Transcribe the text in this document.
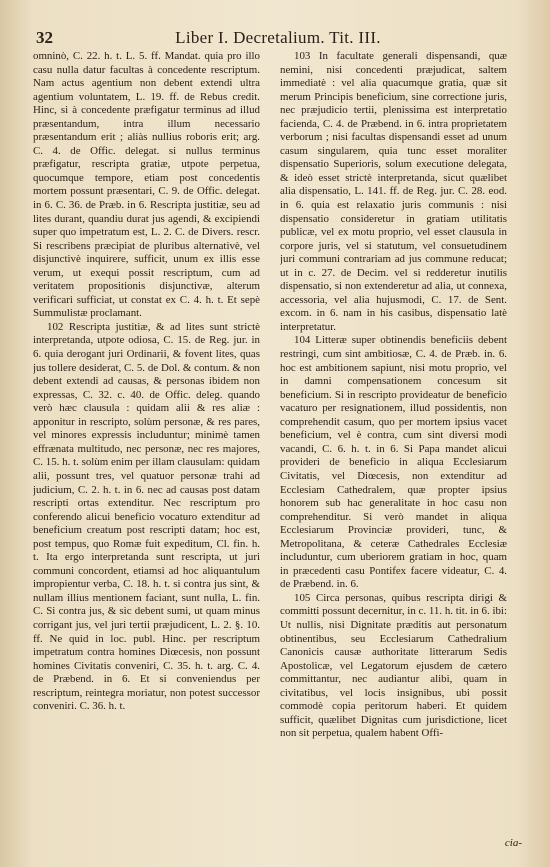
32	Liber I. Decretalium. Tit. III.

omninò, C. 22. h. t. L. 5. ff. Mandat. quia pro illo casu nulla datur facultas à concedente rescriptum. Nam actus agentium non debent extendi ultra agentium voluntatem, L. 19. ff. de Rebus credit. Hinc, si à concedente præfigatur terminus ad illud præsentandum, intra illum necessario præsentandum erit ; aliàs nullius roboris erit; arg. C. 4. de Offic. delegat. si nullus terminus præfigatur, rescripta gratiæ, utpote perpetua, quocumque tempore, etiam post concedentis mortem possunt præsentari, C. 9. de Offic. delegat. in 6. C. 36. de Præb. in 6. Rescripta justitiæ, seu ad lites durant, quandiu durat jus agendi, & excipiendi super quo impetratum est, L. 2. C. de Divers. rescr. Si rescribens præcipiat de pluribus alternativè, vel disjunctivè inquirere, sufficit, unum ex illis esse verum, ut exequi possit rescriptum, cum ad veritatem propositionis disjunctivæ, alterum verificari sufficiat, ut constat ex C. 4. h. t. Et sepè Summulistæ proclamant.

102 Rescripta justitiæ, & ad lites sunt strictè interpretanda, utpote odiosa, C. 15. de Reg. jur. in 6. quia derogant juri Ordinarii, & fovent lites, quas jus tollere desiderat, C. 5. de Dol. & contum. & non debent extendi ad causas, & personas ibidem non expressas, C. 32. c. 40. de Offic. deleg. quando verò hæc clausula : quidam alii & res aliæ : apponitur in rescripto, solùm personæ, & res pares, vel minores expressis includuntur; minimè tamen effrænata multitudo, nec personæ, nec res majores, C. 15. h. t. solùm enim per illam clausulam: quidam alii, possunt tres, vel quatuor personæ trahi ad judicium, C. 2. h. t. in 6. nec ad causas post datam rescripti ortas extenditur. Nec rescriptum pro conferendo alicui beneficio vocaturo extenditur ad beneficium creatum post rescripti datam; hoc est, post tempus, quo Romæ fuit expeditum, Cl. fin. h. t. Ita ergo interpretanda sunt rescripta, ut juri communi concordent, etiamsi ad hoc aliquantulum impropientur verba, C. 18. h. t. si contra jus sint, & nullam illius mentionem faciant, sunt nulla, L. fin. C. Si contra jus, & sic debent sumi, ut quam minus corrigant jus, vel juri tertii præjudicent, L. 2. §. 10. ff. Ne quid in loc. publ. Hinc. per rescriptum impetratum contra homines Diœcesis, non possunt homines Civitatis conveniri, C. 35. h. t. arg. C. 4. de Præbend. in 6. Et si conveniendus per rescriptum, reintegra moriatur, non potest successor conveniri. C. 36. h. t.

103 In facultate generali dispensandi, quæ nemini, nisi concedenti præjudicat, saltem immediatè : vel alia quacumque gratia, quæ sit merum Principis beneficium, sine correctione juris, nec præjudicio tertii, plenissima est interpretatio facienda, C. 4. de Præbend. in 6. intra proprietatem verborum ; nisi facultas dispensandi esset ad unum casum singularem, quia tunc esset moraliter dispensatio Superioris, solum executione delegata, & ideò esset strictè interpretanda, sicut quælibet alia dispensatio, L. 141. ff. de Reg. jur. C. 28. eod. in 6. quia est relaxatio juris communis : nisi dispensatio consideretur in gratiam utilitatis publicæ, vel ex motu proprio, vel esset clausula in corpore juris, vel si statutum, vel consuetudinem juri communi contrariam ad jus commune reducat; ut in c. 27. de Decim. vel si redderetur inutilis dispensatio, si non extenderetur ad alia, ut connexa, accessoria, vel alia hujusmodi, C. 17. de Sent. excom. in 6. nam in his casibus, dispensatio latè interpretatur.

104 Litteræ super obtinendis beneficiis debent restringi, cum sint ambitiosæ, C. 4. de Præb. in. 6. hoc est ambitionem sapiunt, nisi motu proprio, vel in damni compensationem concesum sit beneficium. Si in rescripto provideatur de beneficio vacaturo per resignationem, illud possidentis, non comprehendit casum, quo per mortem ipsius vacet beneficium, vel è contra, cum sint diversi modi vacandi, C. 6. h. t. in 6. Si Papa mandet alicui provideri de beneficio in aliqua Ecclesiarum Civitatis, vel Diœcesis, non extenditur ad Ecclesiam Cathedralem, quæ propter ipsius honorem sub hac generalitate in hoc casu non comprehenditur. Si verò mandet in aliqua Ecclesiarum Provinciæ provideri, tunc, & Metropolitana, & ceteræ Cathedrales Ecclesiæ includuntur, cum uberiorem gratiam in hoc, quam in præcedenti casu Pontifex facere videatur, C. 4. de Præbend. in. 6.

105 Circa personas, quibus rescripta dirigi & committi possunt decernitur, in c. 11. h. tit. in 6. ibi: Ut nullis, nisi Dignitate præditis aut personatum obtinentibus, seu Ecclesiarum Cathedralium Canonicis causæ authoritate litterarum Sedis Apostolicæ, vel Legatorum ejusdem de cætero committantur, nec audiantur alibi, quam in civitatibus, vel locis insignibus, ubi possit commodè copia peritorum haberi. Et quidem sufficit, quælibet Dignitas cum jurisdictione, licet non sit perpetua, qualem habent Offi-

cia-
